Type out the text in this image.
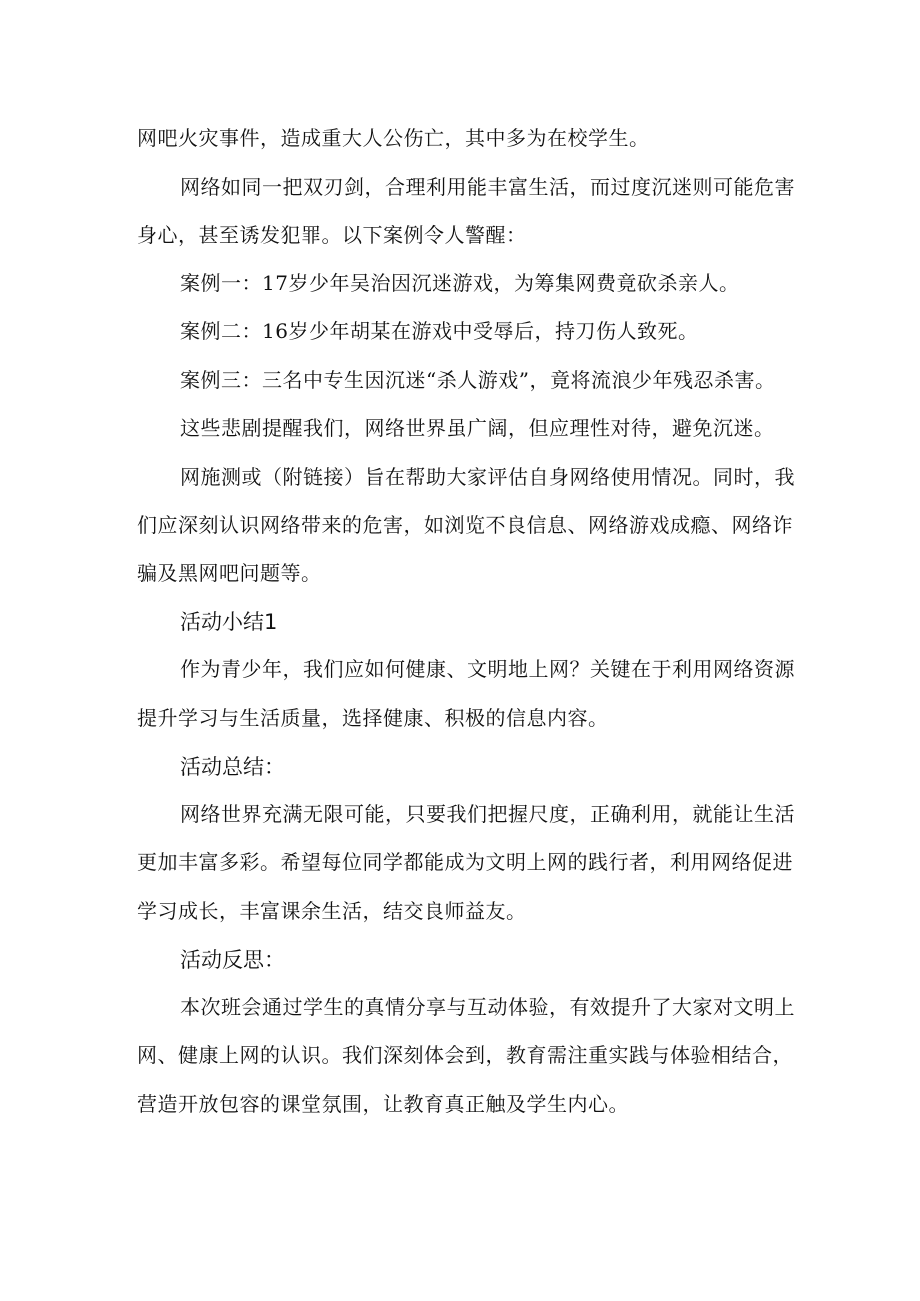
网吧火灾事件，造成重大人公伤亡，其中多为在校学生。
网络如同一把双刃剑，合理利用能丰富生活，而过度沉迷则可能危害
身心，甚至诱发犯罪。以下案例令人警醒：
案例一：17岁少年吴治因沉迷游戏，为筹集网费竟砍杀亲人。
案例二：16岁少年胡某在游戏中受辱后，持刀伤人致死。
案例三：三名中专生因沉迷“杀人游戏”，竟将流浪少年残忍杀害。
这些悲剧提醒我们，网络世界虽广阔，但应理性对待，避免沉迷。
网施测或（附链接）旨在帮助大家评估自身网络使用情况。同时，我
们应深刻认识网络带来的危害，如浏览不良信息、网络游戏成瘾、网络诈
骗及黑网吧问题等。
活动小结1
作为青少年，我们应如何健康、文明地上网？关键在于利用网络资源
提升学习与生活质量，选择健康、积极的信息内容。
活动总结：
网络世界充满无限可能，只要我们把握尺度，正确利用，就能让生活
更加丰富多彩。希望每位同学都能成为文明上网的践行者，利用网络促进
学习成长，丰富课余生活，结交良师益友。
活动反思：
本次班会通过学生的真情分享与互动体验，有效提升了大家对文明上
网、健康上网的认识。我们深刻体会到，教育需注重实践与体验相结合，
营造开放包容的课堂氛围，让教育真正触及学生内心。
